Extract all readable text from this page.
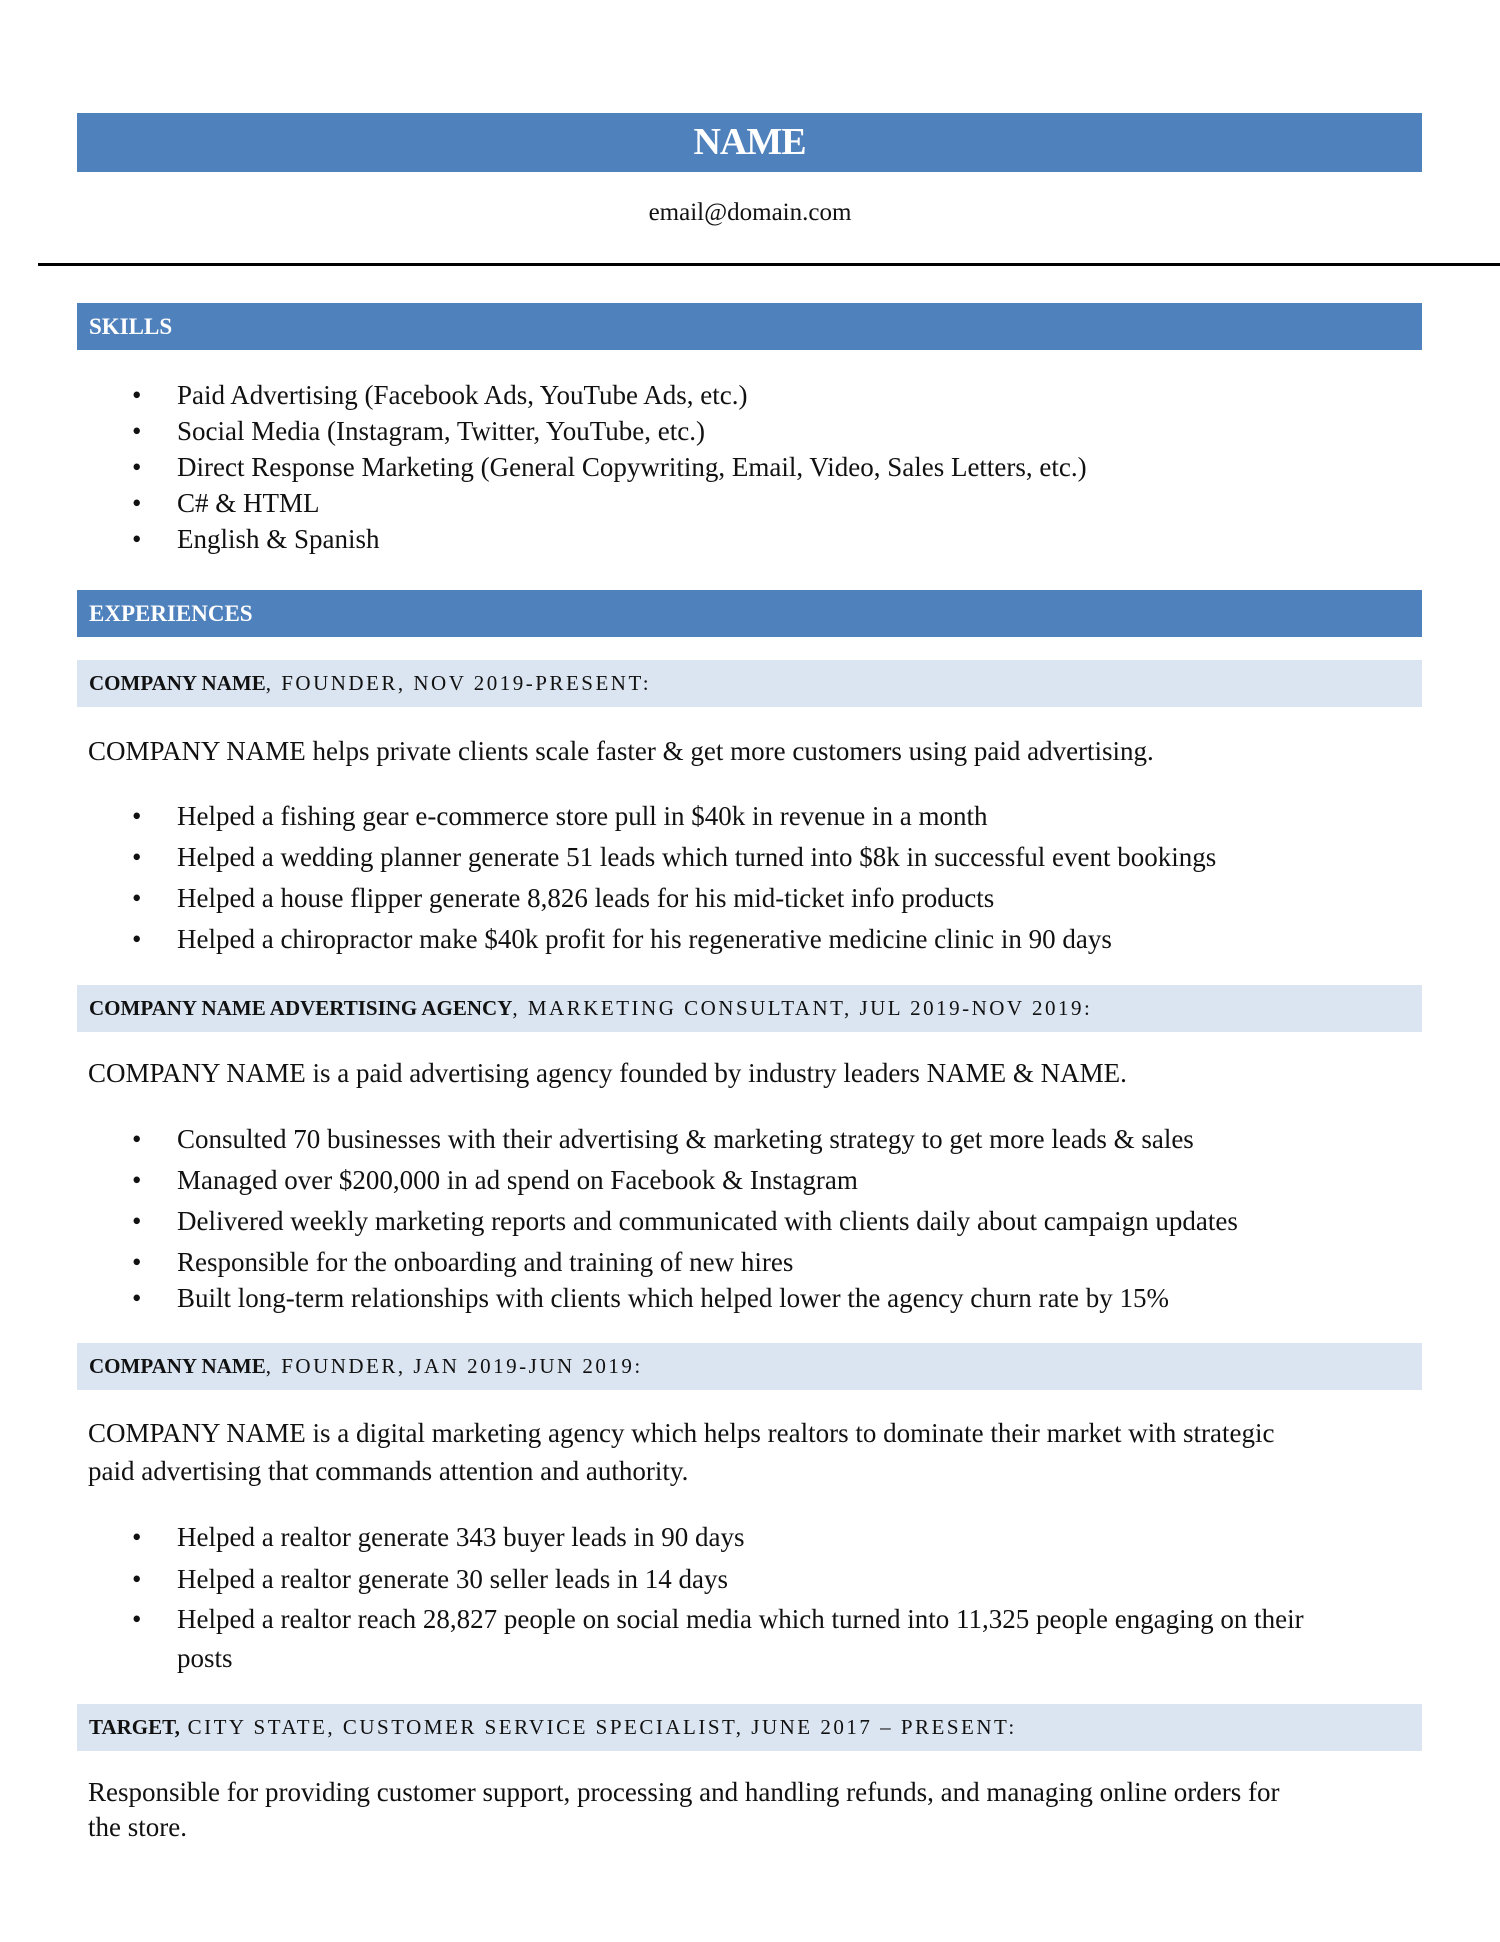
NAME
email@domain.com
SKILLS
• Paid Advertising (Facebook Ads, YouTube Ads, etc.)
• Social Media (Instagram, Twitter, YouTube, etc.)
• Direct Response Marketing (General Copywriting, Email, Video, Sales Letters, etc.)
• C# & HTML
• English & Spanish
EXPERIENCES
COMPANY NAME, FOUNDER, NOV 2019-PRESENT:
COMPANY NAME helps private clients scale faster & get more customers using paid advertising.
• Helped a fishing gear e-commerce store pull in $40k in revenue in a month
• Helped a wedding planner generate 51 leads which turned into $8k in successful event bookings
• Helped a house flipper generate 8,826 leads for his mid-ticket info products
• Helped a chiropractor make $40k profit for his regenerative medicine clinic in 90 days
COMPANY NAME ADVERTISING AGENCY, MARKETING CONSULTANT, JUL 2019-NOV 2019:
COMPANY NAME is a paid advertising agency founded by industry leaders NAME & NAME.
• Consulted 70 businesses with their advertising & marketing strategy to get more leads & sales
• Managed over $200,000 in ad spend on Facebook & Instagram
• Delivered weekly marketing reports and communicated with clients daily about campaign updates
• Responsible for the onboarding and training of new hires
• Built long-term relationships with clients which helped lower the agency churn rate by 15%
COMPANY NAME, FOUNDER, JAN 2019-JUN 2019:
COMPANY NAME is a digital marketing agency which helps realtors to dominate their market with strategic
paid advertising that commands attention and authority.
• Helped a realtor generate 343 buyer leads in 90 days
• Helped a realtor generate 30 seller leads in 14 days
• Helped a realtor reach 28,827 people on social media which turned into 11,325 people engaging on their
posts
TARGET, CITY STATE, CUSTOMER SERVICE SPECIALIST, JUNE 2017 – PRESENT:
Responsible for providing customer support, processing and handling refunds, and managing online orders for
the store.
